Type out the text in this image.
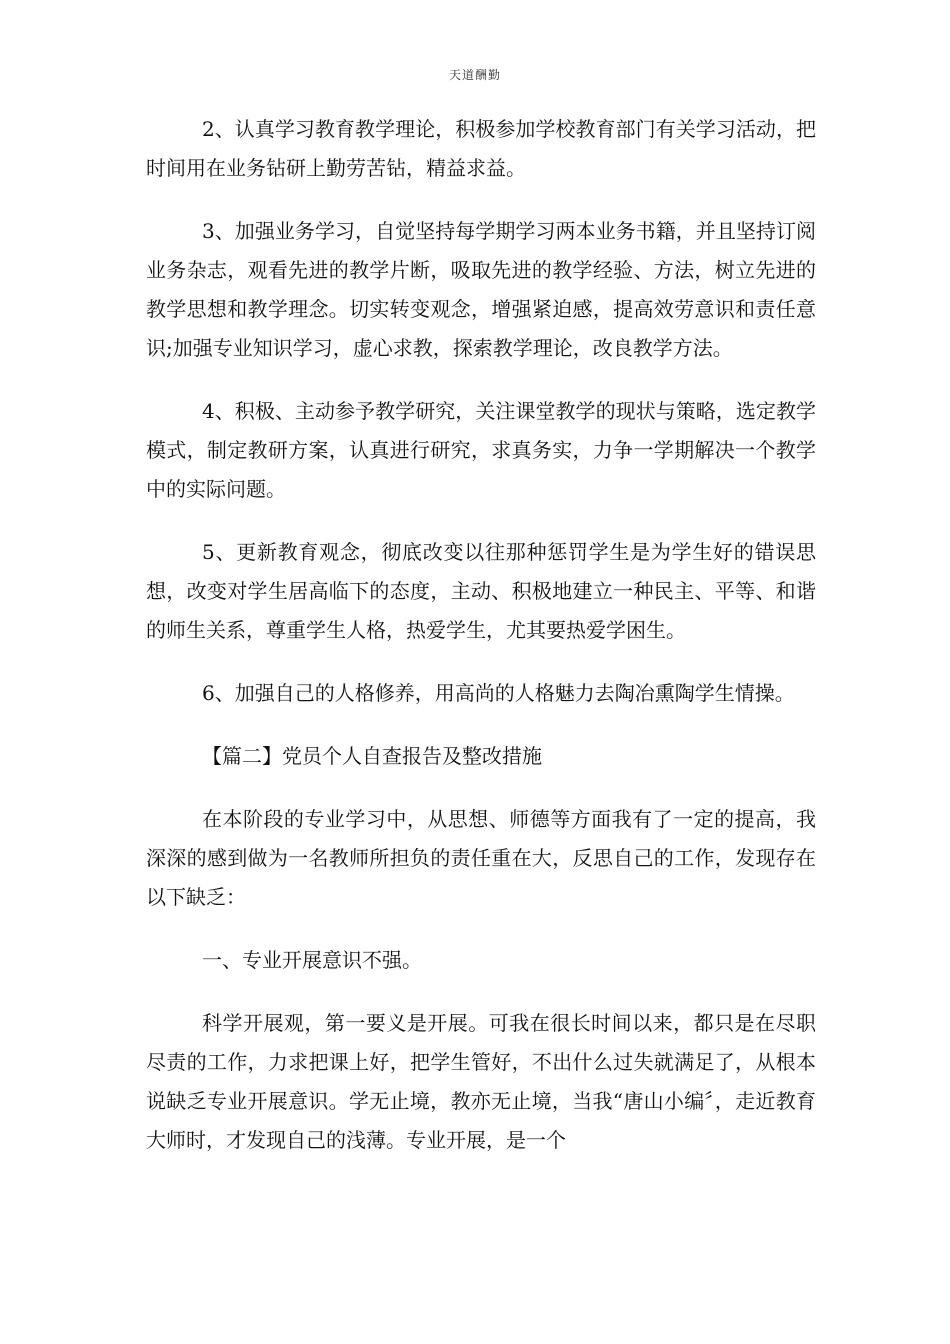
天道酬勤

2、认真学习教育教学理论，积极参加学校教育部门有关学习活动，把时间用在业务钻研上勤劳苦钻，精益求益。

3、加强业务学习，自觉坚持每学期学习两本业务书籍，并且坚持订阅业务杂志，观看先进的教学片断，吸取先进的教学经验、方法，树立先进的教学思想和教学理念。切实转变观念，增强紧迫感，提高效劳意识和责任意识;加强专业知识学习，虚心求教，探索教学理论，改良教学方法。

4、积极、主动参予教学研究，关注课堂教学的现状与策略，选定教学模式，制定教研方案，认真进行研究，求真务实，力争一学期解决一个教学中的实际问题。

5、更新教育观念，彻底改变以往那种惩罚学生是为学生好的错误思想，改变对学生居高临下的态度，主动、积极地建立一种民主、平等、和谐的师生关系，尊重学生人格，热爱学生，尤其要热爱学困生。

6、加强自己的人格修养，用高尚的人格魅力去陶冶熏陶学生情操。

【篇二】党员个人自查报告及整改措施

在本阶段的专业学习中，从思想、师德等方面我有了一定的提高，我深深的感到做为一名教师所担负的责任重在大，反思自己的工作，发现存在以下缺乏：

一、专业开展意识不强。

科学开展观，第一要义是开展。可我在很长时间以来，都只是在尽职尽责的工作，力求把课上好，把学生管好，不出什么过失就满足了，从根本说缺乏专业开展意识。学无止境，教亦无止境，当我“唐山小编〞，走近教育大师时，才发现自己的浅薄。专业开展，是一个
